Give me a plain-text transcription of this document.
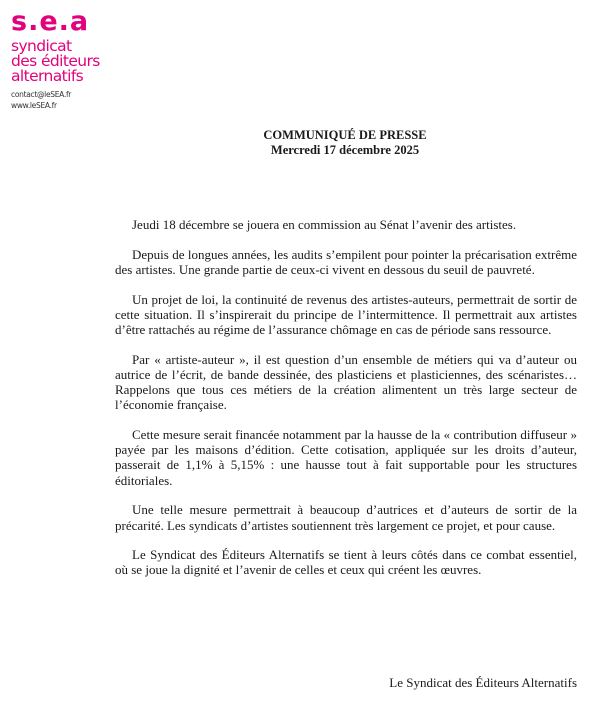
s.e.a
syndicat
des éditeurs
alternatifs
contact@leSEA.fr
www.leSEA.fr
COMMUNIQUÉ DE PRESSE
Mercredi 17 décembre 2025

Jeudi 18 décembre se jouera en commission au Sénat l’avenir des artistes.

Depuis de longues années, les audits s’empilent pour pointer la précarisation extrême des artistes. Une grande partie de ceux-ci vivent en dessous du seuil de pauvreté.

Un projet de loi, la continuité de revenus des artistes-auteurs, permettrait de sortir de cette situation. Il s’inspirerait du principe de l’intermittence. Il permettrait aux artistes d’être rattachés au régime de l’assurance chômage en cas de période sans ressource.

Par « artiste-auteur », il est question d’un ensemble de métiers qui va d’auteur ou autrice de l’écrit, de bande dessinée, des plasticiens et plasticiennes, des scénaristes… Rappelons que tous ces métiers de la création alimentent un très large secteur de l’économie française.

Cette mesure serait financée notamment par la hausse de la « contribution diffuseur » payée par les maisons d’édition. Cette cotisation, appliquée sur les droits d’auteur, passerait de 1,1% à 5,15% : une hausse tout à fait supportable pour les structures éditoriales.

Une telle mesure permettrait à beaucoup d’autrices et d’auteurs de sortir de la précarité. Les syndicats d’artistes soutiennent très largement ce projet, et pour cause.

Le Syndicat des Éditeurs Alternatifs se tient à leurs côtés dans ce combat essentiel, où se joue la dignité et l’avenir de celles et ceux qui créent les œuvres.

Le Syndicat des Éditeurs Alternatifs
